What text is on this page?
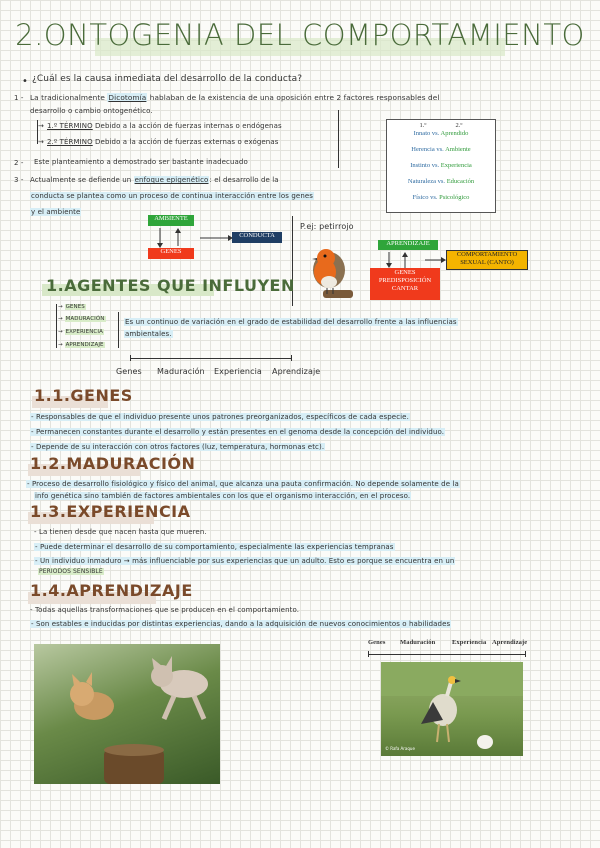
2.ONTOGENIA DEL COMPORTAMIENTO
• ¿Cuál es la causa inmediata del desarrollo de la conducta?
1 - La tradicionalmente Dicotomía hablaban de la existencia de una oposición entre 2 factores responsables del
desarrollo o cambio ontogenético.
→ 1.º TÉRMINO Debido a la acción de fuerzas internas o endógenas
→ 2.º TÉRMINO Debido a la acción de fuerzas externas o exógenas
1.º	2.º
Innato vs. Aprendido
Herencia vs. Ambiente
Instinto vs. Experiencia
Naturaleza vs. Educación
Físico vs. Psicológico
2 - Este planteamiento a demostrado ser bastante inadecuado
3 - Actualmente se defiende un enfoque epigenético: el desarrollo de la
conducta se plantea como un proceso de continua interacción entre los genes
y el ambiente
AMBIENTE
GENES
CONDUCTA
P.ej: petirrojo
APRENDIZAJE
GENES
PREDISPOSICIÓN
CANTAR
COMPORTAMIENTO
SEXUAL (CANTO)
1.AGENTES QUE INFLUYEN
→ GENES
→ MADURACIÓN
→ EXPERIENCIA
→ APRENDIZAJE
Es un continuo de variación en el grado de estabilidad del desarrollo frente a las influencias
ambientales.
Genes Maduración Experiencia Aprendizaje
1.1.GENES
- Responsables de que el individuo presente unos patrones preorganizados, específicos de cada especie.
- Permanecen constantes durante el desarrollo y están presentes en el genoma desde la concepción del individuo.
- Depende de su interacción con otros factores (luz, temperatura, hormonas etc).
1.2.MADURACIÓN
- Proceso de desarrollo fisiológico y físico del animal, que alcanza una pauta confirmación. No depende solamente de la
info genética sino también de factores ambientales con los que el organismo interacción, en el proceso.
1.3.EXPERIENCIA
- La tienen desde que nacen hasta que mueren.
- Puede determinar el desarrollo de su comportamiento, especialmente las experiencias tempranas
- Un individuo inmaduro → más influenciable por sus experiencias que un adulto. Esto es porque se encuentra en un
PERIODOS SENSIBLE
1.4.APRENDIZAJE
- Todas aquellas transformaciones que se producen en el comportamiento.
- Son estables e inducidas por distintas experiencias, dando a la adquisición de nuevos conocimientos o habilidades
Genes Maduración	Experiencia Aprendizaje
© Rafa Araque
